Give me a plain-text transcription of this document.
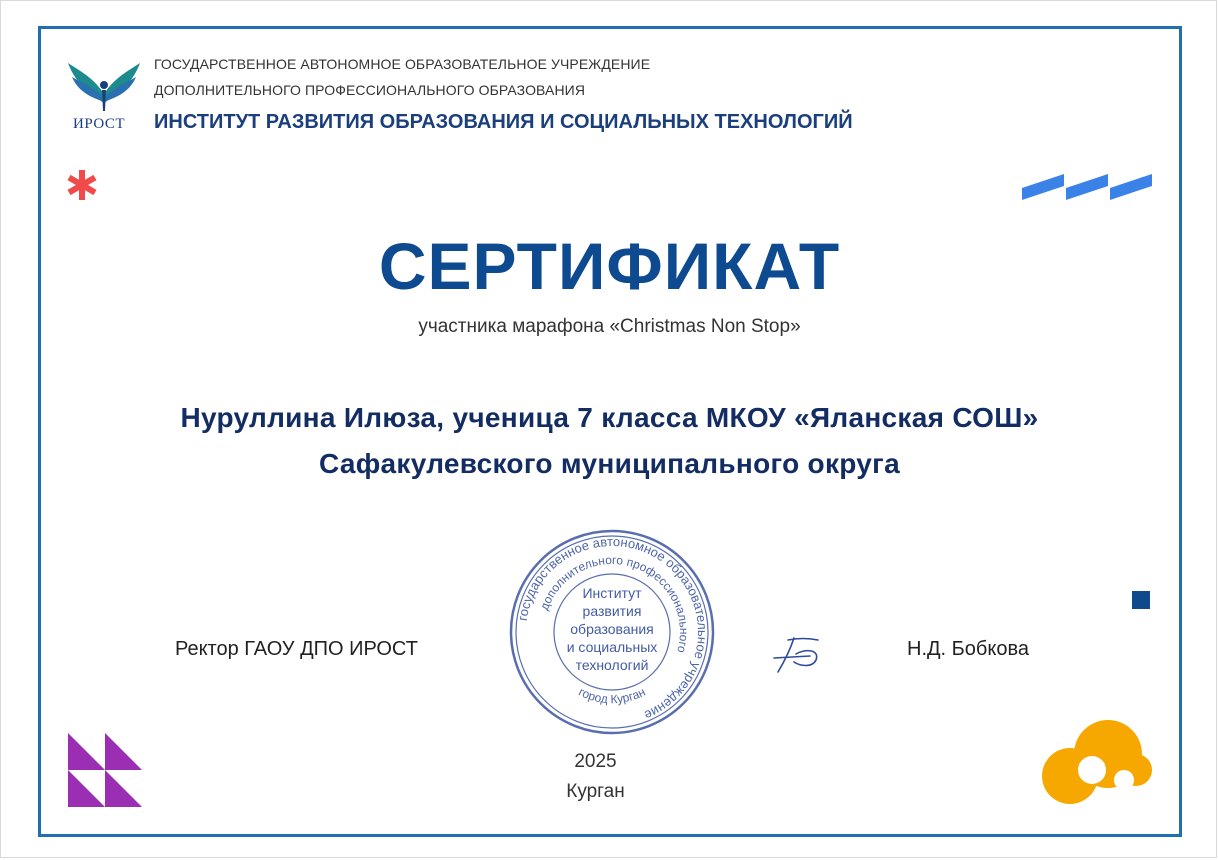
ИРОСТ
ГОСУДАРСТВЕННОЕ АВТОНОМНОЕ ОБРАЗОВАТЕЛЬНОЕ УЧРЕЖДЕНИЕ
ДОПОЛНИТЕЛЬНОГО ПРОФЕССИОНАЛЬНОГО ОБРАЗОВАНИЯ
ИНСТИТУТ РАЗВИТИЯ ОБРАЗОВАНИЯ И СОЦИАЛЬНЫХ ТЕХНОЛОГИЙ
СЕРТИФИКАТ
участника марафона «Christmas Non Stop»
Нуруллина Илюза, ученица 7 класса МКОУ «Яланская СОШ»
Сафакулевского муниципального округа
государственное автономное образовательное учреждение
дополнительного профессионального
город Курган
Институт
развития
образования
и социальных
технологий
Ректор ГАОУ ДПО ИРОСТ	Н.Д. Бобкова
2025
Курган
